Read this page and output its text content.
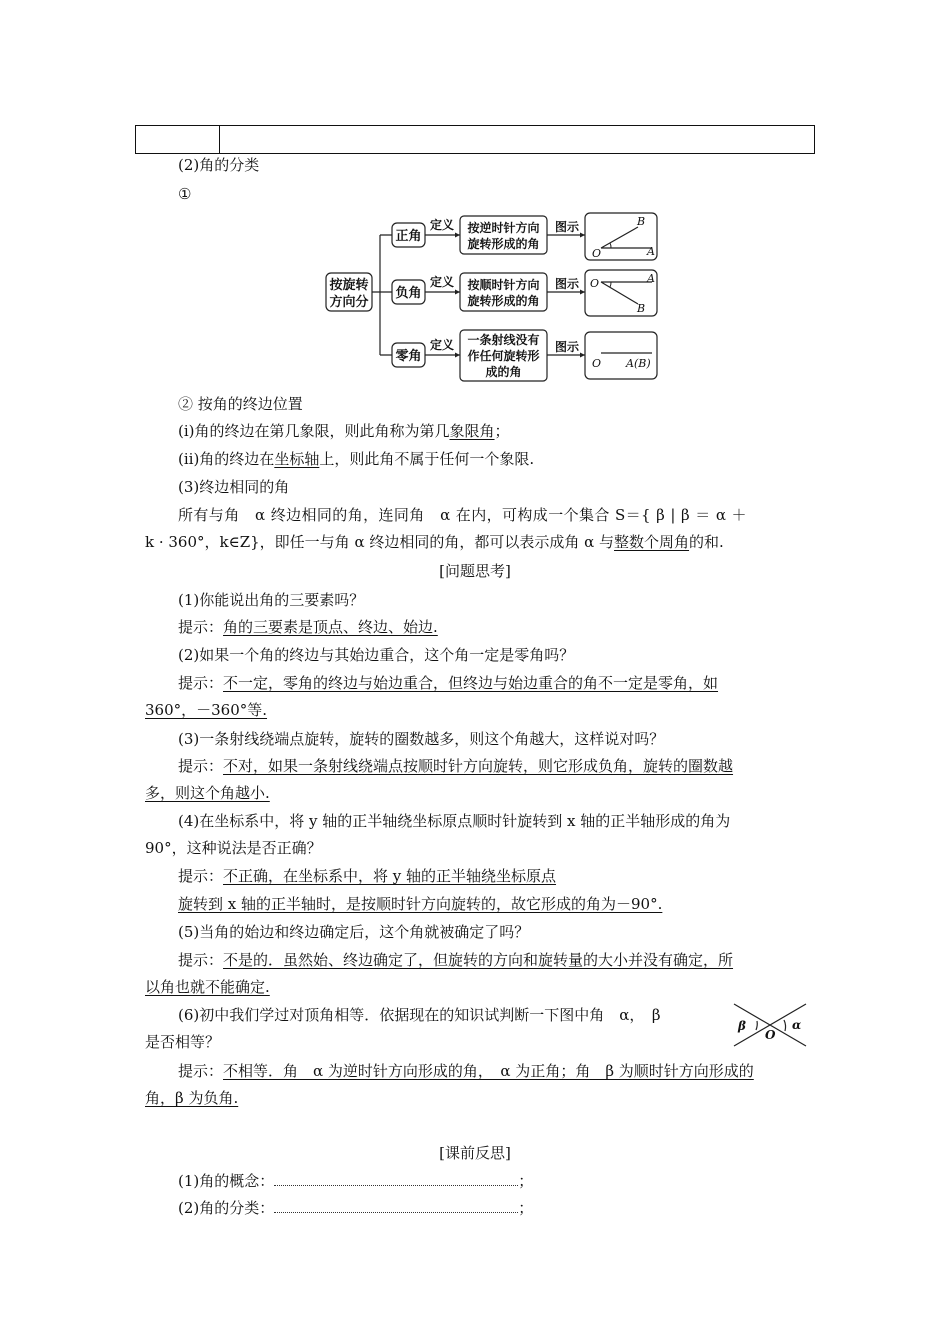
(2)角的分类
①
按旋转
方向分
正角
负角
零角
定义
定义
定义
按逆时针方向
旋转形成的角
按顺时针方向
旋转形成的角
一条射线没有
作任何旋转形
成的角
图示
图示
图示
O	A
B
O	A
B
O A(B)
② 按角的终边位置
(ⅰ)角的终边在第几象限，则此角称为第几象限角；
(ⅱ)角的终边在坐标轴上，则此角不属于任何一个象限.
(3)终边相同的角
所有与角　α 终边相同的角，连同角　α 在内，可构成一个集合 S＝{ β | β ＝ α ＋
k · 360°，k∈Z}，即任一与角 α 终边相同的角，都可以表示成角 α 与整数个周角的和.
[问题思考]
(1)你能说出角的三要素吗？
提示：角的三要素是顶点、终边、始边.
(2)如果一个角的终边与其始边重合，这个角一定是零角吗？
提示：不一定，零角的终边与始边重合，但终边与始边重合的角不一定是零角，如
360°，－360°等.
(3)一条射线绕端点旋转，旋转的圈数越多，则这个角越大，这样说对吗？
提示：不对，如果一条射线绕端点按顺时针方向旋转，则它形成负角，旋转的圈数越
多，则这个角越小.
(4)在坐标系中，将 y 轴的正半轴绕坐标原点顺时针旋转到 x 轴的正半轴形成的角为
90°，这种说法是否正确？
提示：不正确，在坐标系中，将 y 轴的正半轴绕坐标原点
旋转到 x 轴的正半轴时，是按顺时针方向旋转的，故它形成的角为－90°.
(5)当角的始边和终边确定后，这个角就被确定了吗？
提示：不是的．虽然始、终边确定了，但旋转的方向和旋转量的大小并没有确定，所
以角也就不能确定.
(6)初中我们学过对顶角相等．依据现在的知识试判断一下图中角　α，　β
是否相等？
β
O
α
提示：不相等．角　α 为逆时针方向形成的角，　α 为正角；角　β 为顺时针方向形成的
角，β 为负角.
[课前反思]
(1)角的概念：	；
(2)角的分类：	；
